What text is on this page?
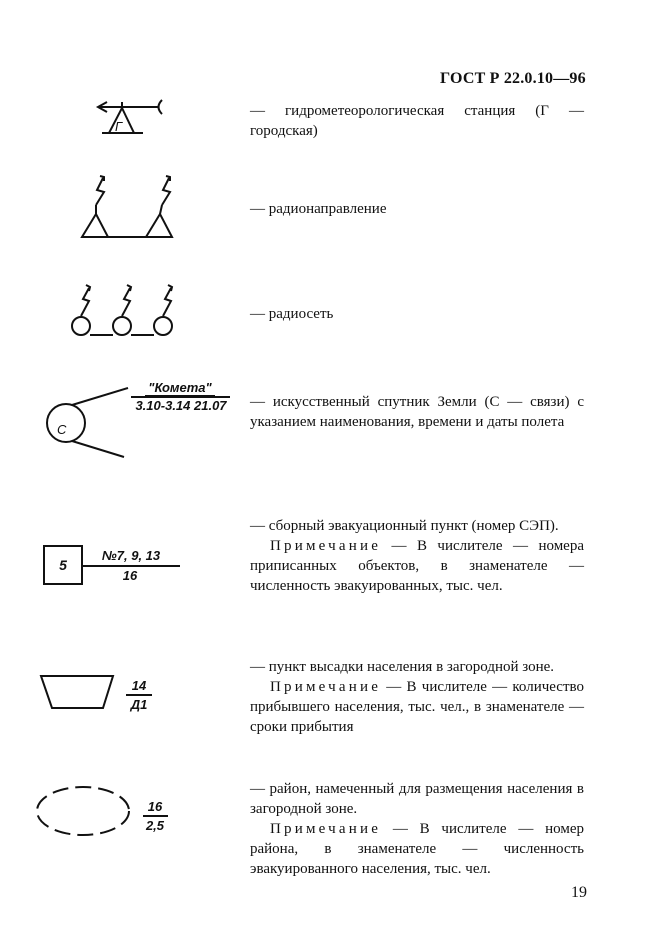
ГОСТ Р 22.0.10—96
Г
С
"Комета"
3.10-3.14 21.07
5
№7, 9, 13
16
14
Д1
16
2,5

— гидрометеорологическая станция (Г — городская)

— радионаправление

— радиосеть

— искусственный спутник Земли (С — связи) с указанием наименования, времени и даты полета

— сборный эвакуационный пункт (номер СЭП).

Примечание — В числителе — номера приписанных объектов, в знаменателе — численность эвакуированных, тыс. чел.

— пункт высадки населения в загородной зоне.

Примечание — В числителе — количество прибывшего населения, тыс. чел., в знаменателе — сроки прибытия

— район, намеченный для размещения населения в загородной зоне.

Примечание — В числителе — номер района, в знаменателе — численность эвакуированного населения, тыс. чел.

19
